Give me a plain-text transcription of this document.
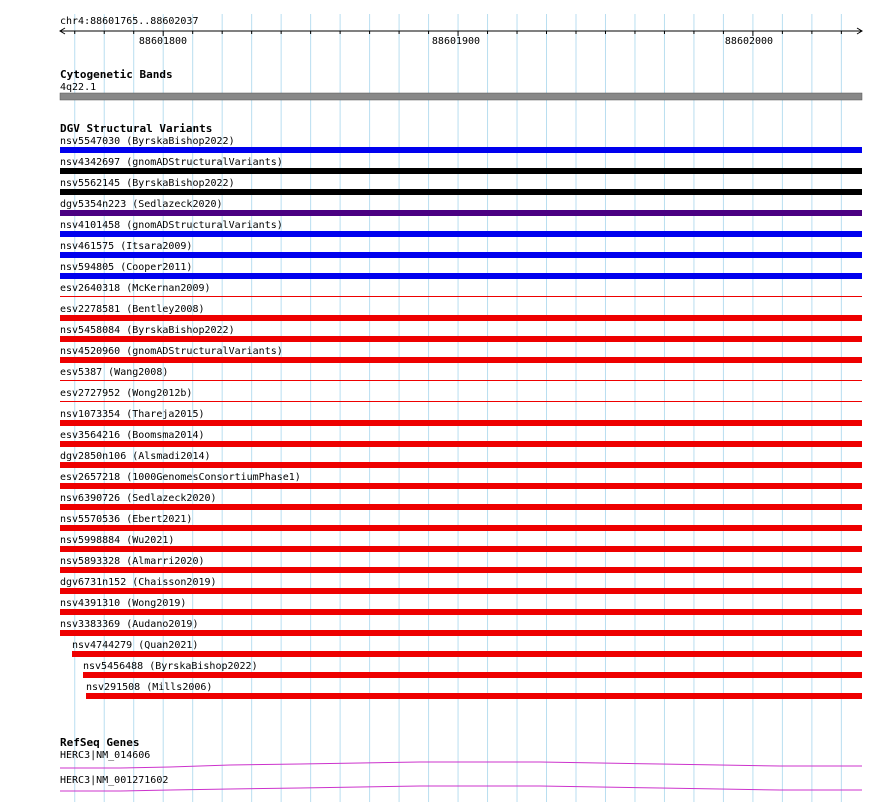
chr4:88601765..88602037
88601800	88601900	88602000
Cytogenetic Bands
4q22.1
DGV Structural Variants
nsv5547030 (ByrskaBishop2022)
nsv4342697 (gnomADStructuralVariants)
nsv5562145 (ByrskaBishop2022)
dgv5354n223 (Sedlazeck2020)
nsv4101458 (gnomADStructuralVariants)
nsv461575 (Itsara2009)
nsv594805 (Cooper2011)
esv2640318 (McKernan2009)
esv2278581 (Bentley2008)
nsv5458084 (ByrskaBishop2022)
nsv4520960 (gnomADStructuralVariants)
esv5387 (Wang2008)
esv2727952 (Wong2012b)
nsv1073354 (Thareja2015)
esv3564216 (Boomsma2014)
dgv2850n106 (Alsmadi2014)
esv2657218 (1000GenomesConsortiumPhase1)
nsv6390726 (Sedlazeck2020)
nsv5570536 (Ebert2021)
nsv5998884 (Wu2021)
nsv5893328 (Almarri2020)
dgv6731n152 (Chaisson2019)
nsv4391310 (Wong2019)
nsv3383369 (Audano2019)
nsv4744279 (Quan2021)
nsv5456488 (ByrskaBishop2022)
nsv291508 (Mills2006)
RefSeq Genes
HERC3|NM_014606
HERC3|NM_001271602
